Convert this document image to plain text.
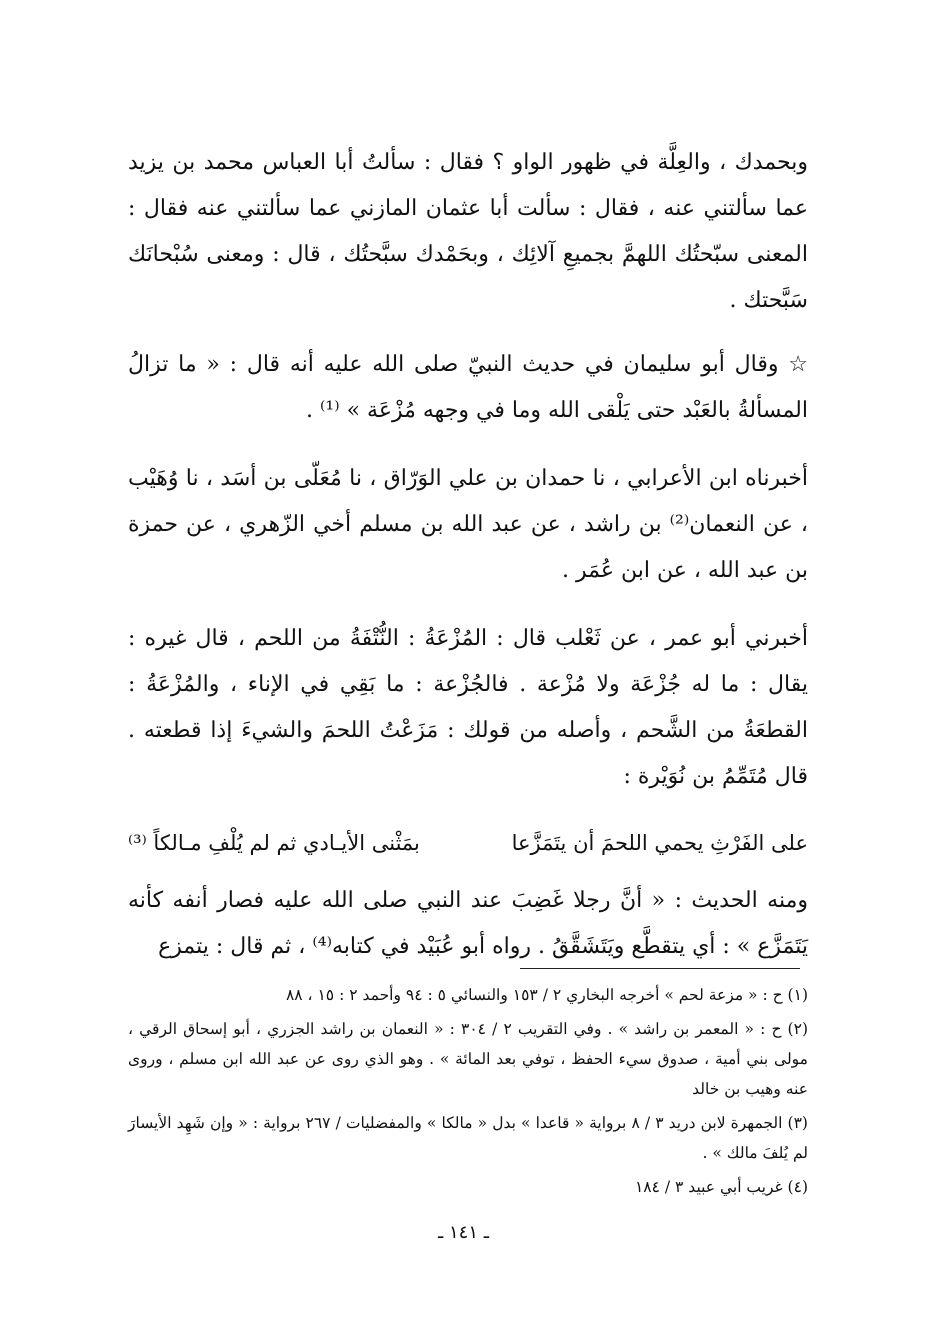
وبحمدك ، والعِلَّة في ظهور الواو ؟ فقال : سألتُ أبا العباس محمد بن يزيد عما سألتني عنه ، فقال : سألت أبا عثمان المازني عما سألتني عنه فقال : المعنى سبّحتُك اللهمَّ بجميعِ آلائِك ، وبحَمْدك سبَّحتُك ، قال : ومعنى سُبْحانَك سَبَّحتك .

☆ وقال أبو سليمان في حديث النبيّ صلى الله عليه أنه قال : « ما تزالُ المسألةُ بالعَبْد حتى يَلْقى الله وما في وجهه مُزْعَة » ⁽¹⁾ .

أخبرناه ابن الأعرابي ، نا حمدان بن علي الوَرّاق ، نا مُعَلّى بن أسَد ، نا وُهَيْب ، عن النعمان⁽²⁾ بن راشد ، عن عبد الله بن مسلم أخي الزّهري ، عن حمزة بن عبد الله ، عن ابن عُمَر .

أخبرني أبو عمر ، عن ثَعْلب قال : المُزْعَةُ : النُّتْفَةُ من اللحم ، قال غيره : يقال : ما له جُزْعَة ولا مُزْعة . فالجُزْعة : ما بَقِي في الإناء ، والمُزْعَةُ : القطعَةُ من الشَّحم ، وأصله من قولك : مَزَعْتُ اللحمَ والشيءَ إذا قطعته . قال مُتَمِّمُ بن نُوَيْرة :

على الفَرْثِ يحمي اللحمَ أن يتَمَزَّعا
بمَثْنى الأيـادي ثم لم يُلْفِ مـالكاً ⁽³⁾

ومنه الحديث : « أنَّ رجلا غَضِبَ عند النبي صلى الله عليه فصار أنفه كأنه يَتَمَزَّع » : أي يتقطَّع ويَتَشَقَّقُ . رواه أبو عُبَيْد في كتابه⁽⁴⁾ ، ثم قال : يتمزع

(١) ح : « مزعة لحم » أخرجه البخاري ٢ / ١٥٣ والنسائي ٥ : ٩٤ وأحمد ٢ : ١٥ ، ٨٨

(٢) ح : « المعمر بن راشد » . وفي التقريب ٢ / ٣٠٤ : « النعمان بن راشد الجزري ، أبو إسحاق الرقي ، مولى بني أمية ، صدوق سيء الحفظ ، توفي بعد المائة » . وهو الذي روى عن عبد الله ابن مسلم ، وروى عنه وهيب بن خالد

(٣) الجمهرة لابن دريد ٣ / ٨ برواية « قاعدا » بدل « مالكا » والمفضليات / ٢٦٧ برواية : « وإن شَهِد الأيسارَ لم يُلفَ مالك » .

(٤) غريب أبي عبيد ٣ / ١٨٤

ـ ١٤١ ـ
